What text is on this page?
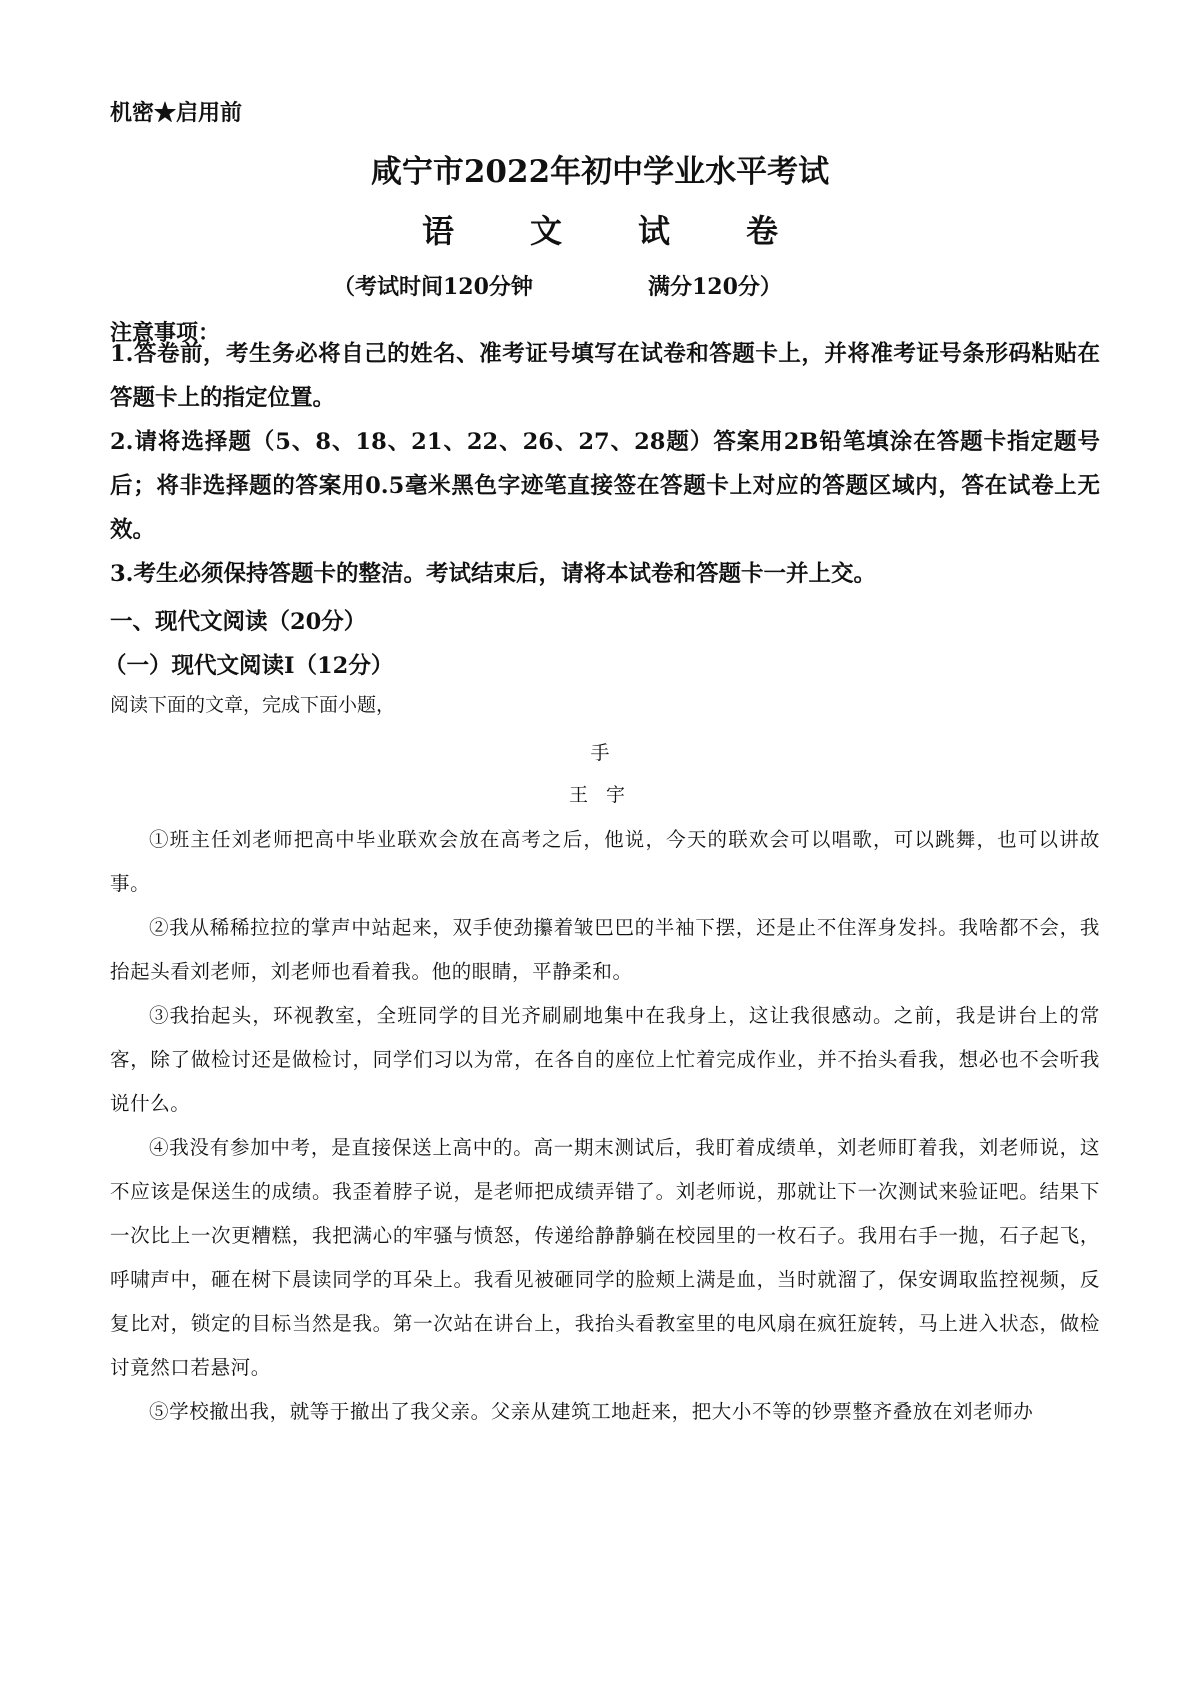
机密★启用前
咸宁市2022年初中学业水平考试
语 文 试 卷
（考试时间120分钟	满分120分）
注意事项：
1.答卷前，考生务必将自己的姓名、准考证号填写在试卷和答题卡上，并将准考证号条形码粘贴在答题卡上的指定位置。
2.请将选择题（5、8、18、21、22、26、27、28题）答案用2B铅笔填涂在答题卡指定题号后；将非选择题的答案用0.5毫米黑色字迹笔直接签在答题卡上对应的答题区域内，答在试卷上无效。
3.考生必须保持答题卡的整洁。考试结束后，请将本试卷和答题卡一并上交。
一、现代文阅读（20分）
（一）现代文阅读Ⅰ（12分）
阅读下面的文章，完成下面小题，
手
王 宇
①班主任刘老师把高中毕业联欢会放在高考之后，他说，今天的联欢会可以唱歌，可以跳舞，也可以讲故事。
②我从稀稀拉拉的掌声中站起来，双手使劲攥着皱巴巴的半袖下摆，还是止不住浑身发抖。我啥都不会，我抬起头看刘老师，刘老师也看着我。他的眼睛，平静柔和。
③我抬起头，环视教室，全班同学的目光齐刷刷地集中在我身上，这让我很感动。之前，我是讲台上的常客，除了做检讨还是做检讨，同学们习以为常，在各自的座位上忙着完成作业，并不抬头看我，想必也不会听我说什么。
④我没有参加中考，是直接保送上高中的。高一期末测试后，我盯着成绩单，刘老师盯着我，刘老师说，这不应该是保送生的成绩。我歪着脖子说，是老师把成绩弄错了。刘老师说，那就让下一次测试来验证吧。结果下一次比上一次更糟糕，我把满心的牢骚与愤怒，传递给静静躺在校园里的一枚石子。我用右手一抛，石子起飞，呼啸声中，砸在树下晨读同学的耳朵上。我看见被砸同学的脸颊上满是血，当时就溜了，保安调取监控视频，反复比对，锁定的目标当然是我。第一次站在讲台上，我抬头看教室里的电风扇在疯狂旋转，马上进入状态，做检讨竟然口若悬河。
⑤学校撤出我，就等于撤出了我父亲。父亲从建筑工地赶来，把大小不等的钞票整齐叠放在刘老师办
